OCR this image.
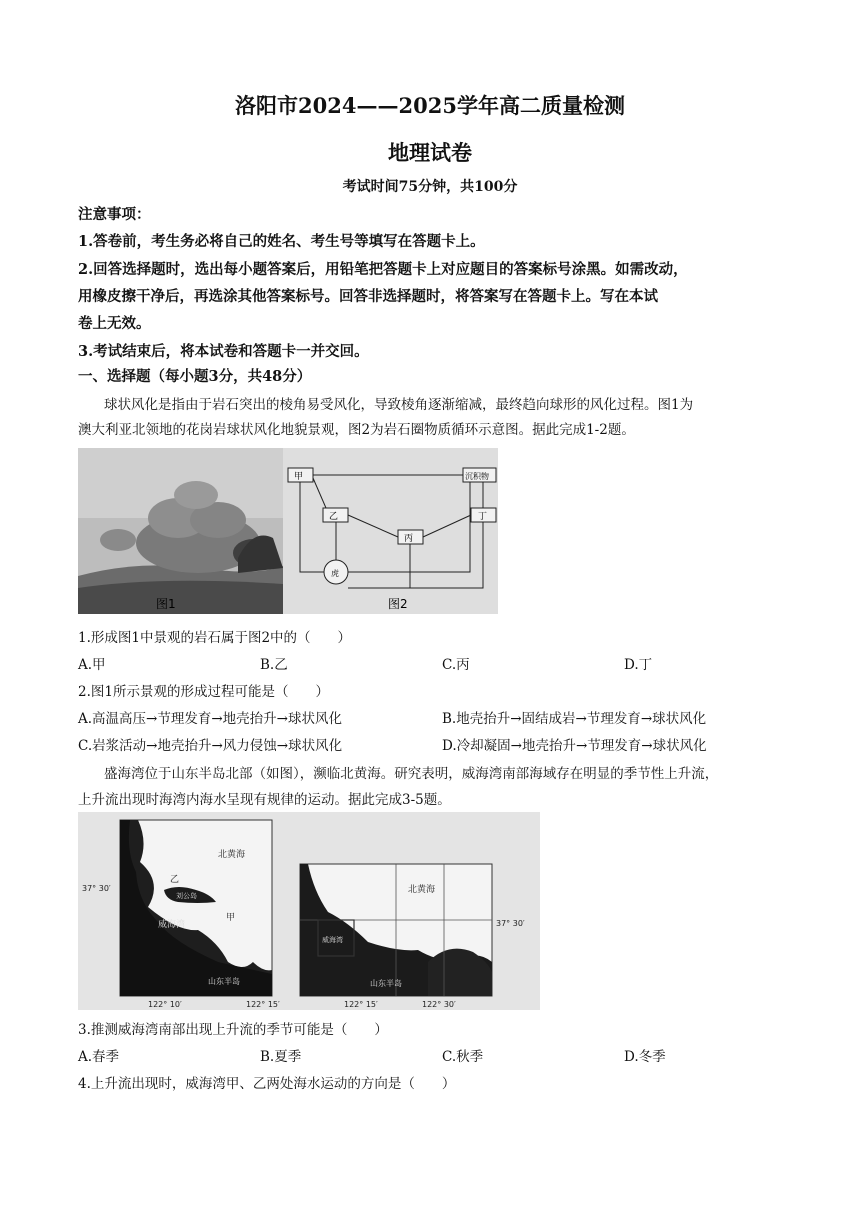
洛阳市2024——2025学年高二质量检测
地理试卷
考试时间75分钟，共100分
注意事项：
1.答卷前，考生务必将自己的姓名、考生号等填写在答题卡上。
2.回答选择题时，选出每小题答案后，用铅笔把答题卡上对应题目的答案标号涂黑。如需改动，
用橡皮擦干净后，再选涂其他答案标号。回答非选择题时，将答案写在答题卡上。写在本试
卷上无效。
3.考试结束后，将本试卷和答题卡一并交回。
一、选择题（每小题3分，共48分）
球状风化是指由于岩石突出的棱角易受风化，导致棱角逐渐缩减，最终趋向球形的风化过程。图1为
澳大利亚北领地的花岗岩球状风化地貌景观，图2为岩石圈物质循环示意图。据此完成1-2题。
甲	沉积物
乙
丙
丁
虎
图1	图2
1.形成图1中景观的岩石属于图2中的（　　）
A.甲	B.乙	C.丙	D.丁
2.图1所示景观的形成过程可能是（　　）
A.高温高压→节理发育→地壳抬升→球状风化	B.地壳抬升→固结成岩→节理发育→球状风化
C.岩浆活动→地壳抬升→风力侵蚀→球状风化	D.冷却凝固→地壳抬升→节理发育→球状风化
盛海湾位于山东半岛北部（如图），濒临北黄海。研究表明，威海湾南部海域存在明显的季节性上升流，
上升流出现时海湾内海水呈现有规律的运动。据此完成3-5题。
北黄海
乙
刘公岛
威海湾
甲
山东半岛
37° 30′
122° 10′	122° 15′
北黄海
威海湾
山东半岛
37° 30′
122° 15′	122° 30′
3.推测威海湾南部出现上升流的季节可能是（　　）
A.春季	B.夏季	C.秋季	D.冬季
4.上升流出现时，威海湾甲、乙两处海水运动的方向是（　　）
